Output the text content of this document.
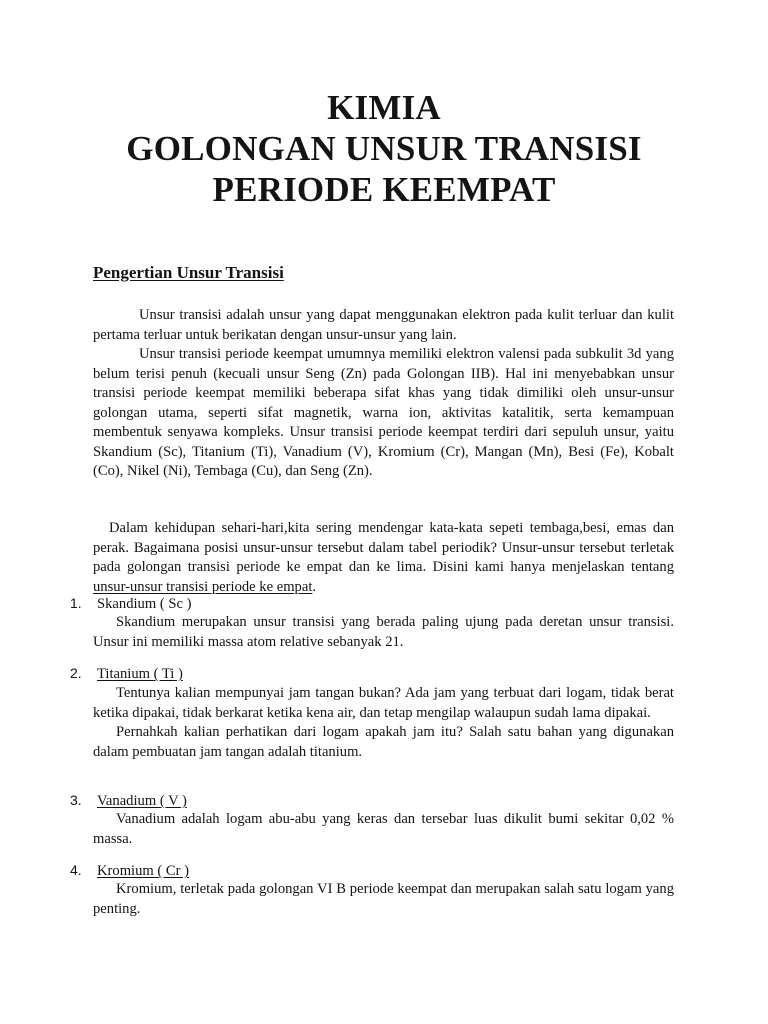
KIMIA
GOLONGAN UNSUR TRANSISI
PERIODE KEEMPAT
Pengertian Unsur Transisi

Unsur transisi adalah unsur yang dapat menggunakan elektron pada kulit terluar dan kulit pertama terluar untuk berikatan dengan unsur-unsur yang lain.

Unsur transisi periode keempat umumnya memiliki elektron valensi pada subkulit 3d yang belum terisi penuh (kecuali unsur Seng (Zn) pada Golongan IIB). Hal ini menyebabkan unsur transisi periode keempat memiliki beberapa sifat khas yang tidak dimiliki oleh unsur-unsur golongan utama, seperti sifat magnetik, warna ion, aktivitas katalitik, serta kemampuan membentuk senyawa kompleks. Unsur transisi periode keempat terdiri dari sepuluh unsur, yaitu Skandium (Sc), Titanium (Ti), Vanadium (V), Kromium (Cr), Mangan (Mn), Besi (Fe), Kobalt (Co), Nikel (Ni), Tembaga (Cu), dan Seng (Zn).

Dalam kehidupan sehari-hari,kita sering mendengar kata-kata sepeti tembaga,besi, emas dan perak. Bagaimana posisi unsur-unsur tersebut dalam tabel periodik? Unsur-unsur tersebut terletak pada golongan transisi periode ke empat dan ke lima. Disini kami hanya menjelaskan tentang unsur-unsur transisi periode ke empat.

1. Skandium ( Sc )

Skandium merupakan unsur transisi yang berada paling ujung pada deretan unsur transisi. Unsur ini memiliki massa atom relative sebanyak 21.

2. Titanium ( Ti )

Tentunya kalian mempunyai jam tangan bukan? Ada jam yang terbuat dari logam, tidak berat ketika dipakai, tidak berkarat ketika kena air, dan tetap mengilap walaupun sudah lama dipakai.

Pernahkah kalian perhatikan dari logam apakah jam itu? Salah satu bahan yang digunakan dalam pembuatan jam tangan adalah titanium.

3. Vanadium ( V )

Vanadium adalah logam abu-abu yang keras dan tersebar luas dikulit bumi sekitar 0,02 % massa.

4. Kromium ( Cr )

Kromium, terletak pada golongan VI B periode keempat dan merupakan salah satu logam yang penting.
